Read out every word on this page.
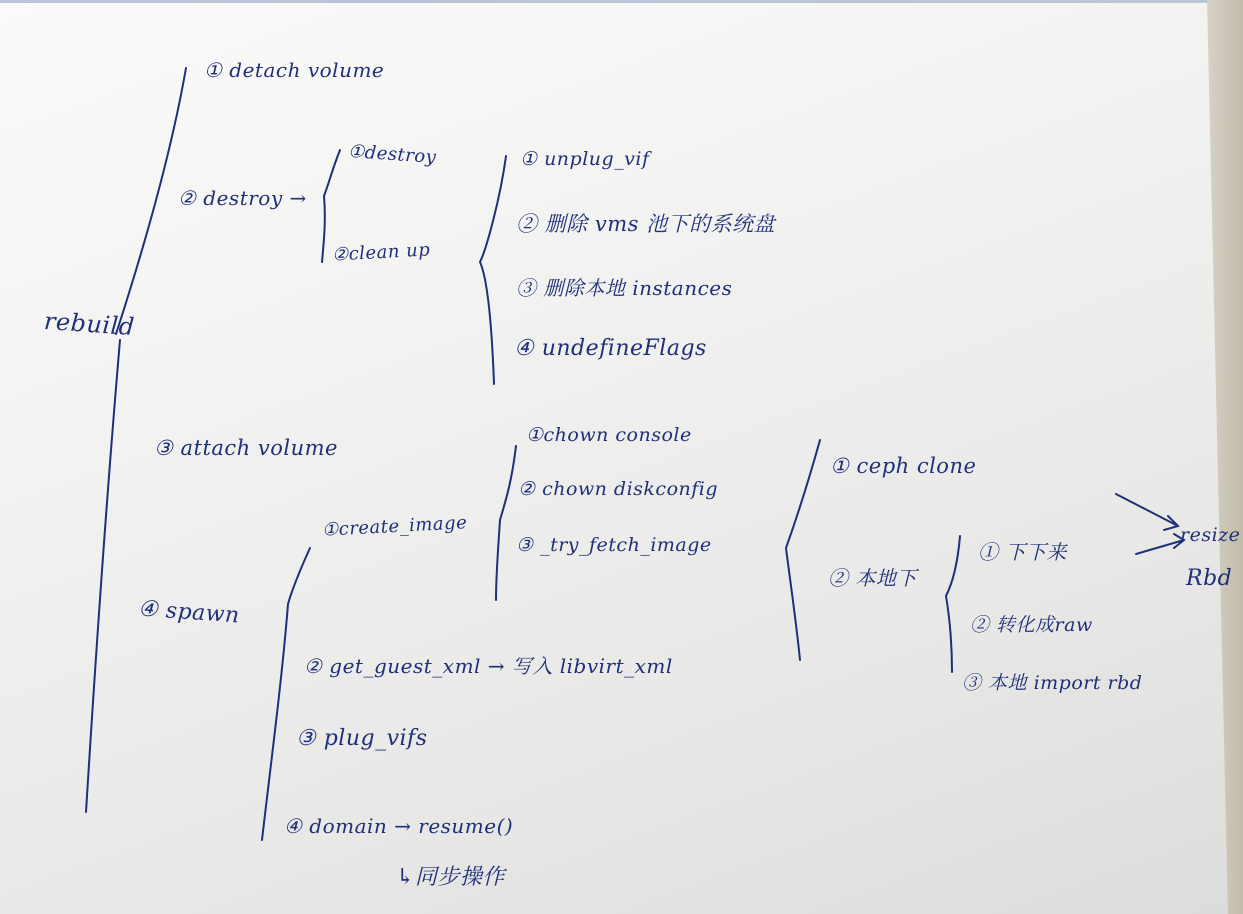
rebuild
① detach volume
② destroy →
①destroy
②clean up
① unplug_vif
② 删除 vms 池下的系统盘
③ 删除本地 instances
④ undefineFlags
③ attach volume
④ spawn
①create_image
①chown console
② chown diskconfig
③ _try_fetch_image
① ceph clone
② 本地下
① 下下来
② 转化成raw
③ 本地 import rbd
resize
Rbd
② get_guest_xml → 写入 libvirt_xml
③ plug_vifs
④ domain → resume()
↳同步操作
